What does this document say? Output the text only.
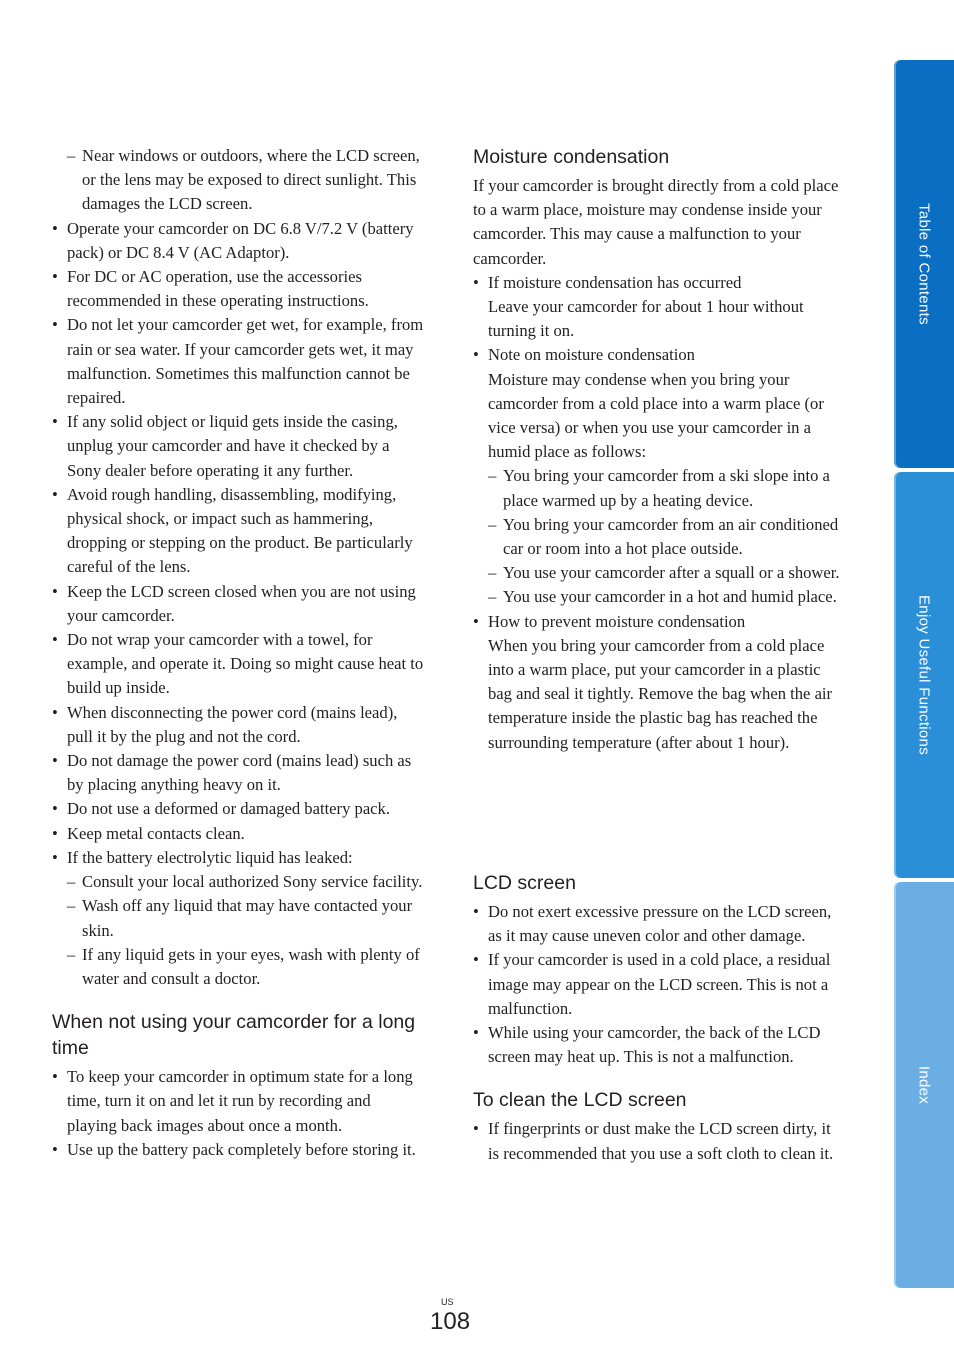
– Near windows or outdoors, where the LCD screen, or the lens may be exposed to direct sunlight. This damages the LCD screen.
• Operate your camcorder on DC 6.8 V/7.2 V (battery pack) or DC 8.4 V (AC Adaptor).
• For DC or AC operation, use the accessories recommended in these operating instructions.
• Do not let your camcorder get wet, for example, from rain or sea water. If your camcorder gets wet, it may malfunction. Sometimes this malfunction cannot be repaired.
• If any solid object or liquid gets inside the casing, unplug your camcorder and have it checked by a Sony dealer before operating it any further.
• Avoid rough handling, disassembling, modifying, physical shock, or impact such as hammering, dropping or stepping on the product. Be particularly careful of the lens.
• Keep the LCD screen closed when you are not using your camcorder.
• Do not wrap your camcorder with a towel, for example, and operate it. Doing so might cause heat to build up inside.
• When disconnecting the power cord (mains lead), pull it by the plug and not the cord.
• Do not damage the power cord (mains lead) such as by placing anything heavy on it.
• Do not use a deformed or damaged battery pack.
• Keep metal contacts clean.
• If the battery electrolytic liquid has leaked:
– Consult your local authorized Sony service facility.
– Wash off any liquid that may have contacted your skin.
– If any liquid gets in your eyes, wash with plenty of water and consult a doctor.
When not using your camcorder for a long time
• To keep your camcorder in optimum state for a long time, turn it on and let it run by recording and playing back images about once a month.
• Use up the battery pack completely before storing it.
Moisture condensation

If your camcorder is brought directly from a cold place to a warm place, moisture may condense inside your camcorder. This may cause a malfunction to your camcorder.

• If moisture condensation has occurred
Leave your camcorder for about 1 hour without turning it on.
• Note on moisture condensation
Moisture may condense when you bring your camcorder from a cold place into a warm place (or vice versa) or when you use your camcorder in a humid place as follows:
– You bring your camcorder from a ski slope into a place warmed up by a heating device.
– You bring your camcorder from an air conditioned car or room into a hot place outside.
– You use your camcorder after a squall or a shower.
– You use your camcorder in a hot and humid place.
• How to prevent moisture condensation
When you bring your camcorder from a cold place into a warm place, put your camcorder in a plastic bag and seal it tightly. Remove the bag when the air temperature inside the plastic bag has reached the surrounding temperature (after about 1 hour).
LCD screen
• Do not exert excessive pressure on the LCD screen, as it may cause uneven color and other damage.
• If your camcorder is used in a cold place, a residual image may appear on the LCD screen. This is not a malfunction.
• While using your camcorder, the back of the LCD screen may heat up. This is not a malfunction.
To clean the LCD screen
• If fingerprints or dust make the LCD screen dirty, it is recommended that you use a soft cloth to clean it.
Table of Contents
Enjoy Useful Functions
Index
US
108
